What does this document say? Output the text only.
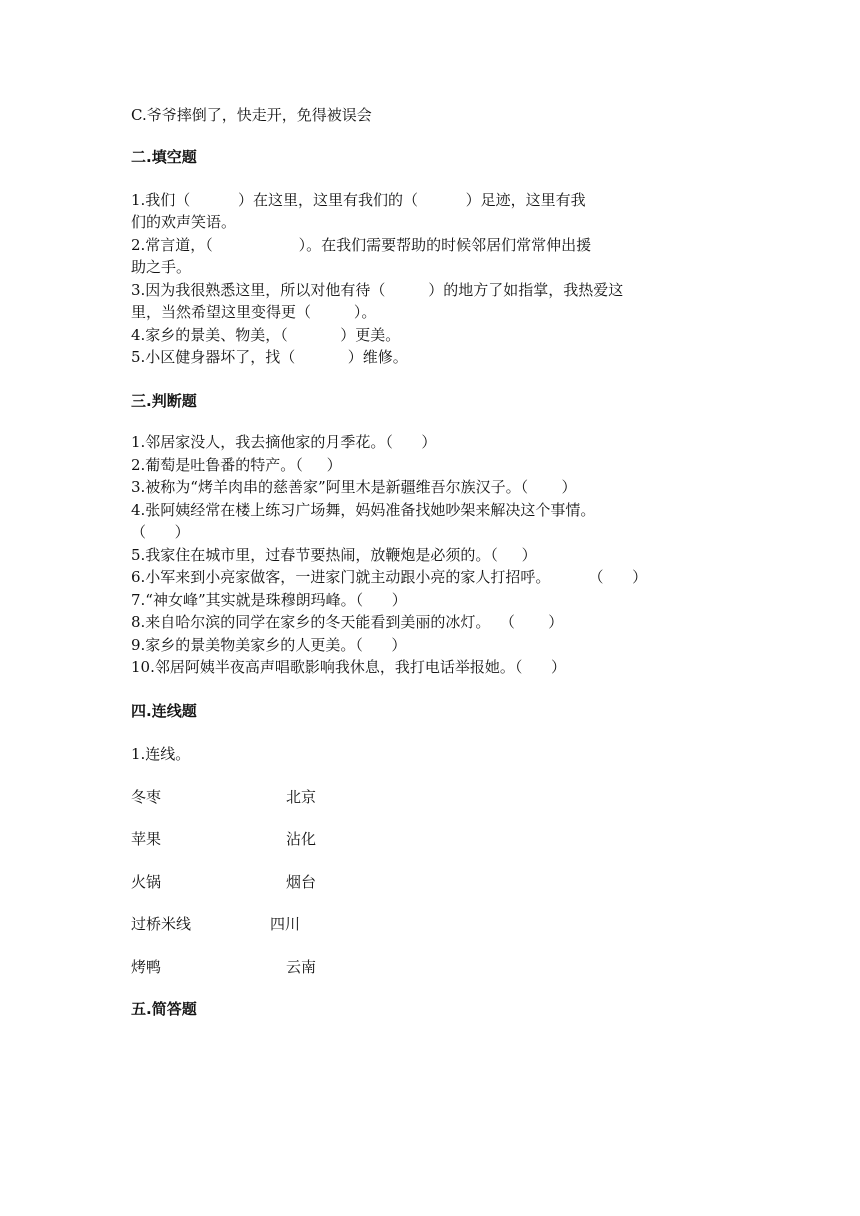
C.爷爷摔倒了，快走开，免得被误会
二.填空题
1.我们（          ）在这里，这里有我们的（          ）足迹，这里有我
们的欢声笑语。
2.常言道，（                  ）。在我们需要帮助的时候邻居们常常伸出援
助之手。
3.因为我很熟悉这里，所以对他有待（         ）的地方了如指掌，我热爱这
里，当然希望这里变得更（         ）。
4.家乡的景美、物美，（           ）更美。
5.小区健身器坏了，找（           ）维修。
三.判断题
1.邻居家没人，我去摘他家的月季花。（      ）
2.葡萄是吐鲁番的特产。（     ）
3.被称为“烤羊肉串的慈善家”阿里木是新疆维吾尔族汉子。（       ）
4.张阿姨经常在楼上练习广场舞，妈妈准备找她吵架来解决这个事情。
（      ）
5.我家住在城市里，过春节要热闹，放鞭炮是必须的。（     ）
6.小军来到小亮家做客，一进家门就主动跟小亮的家人打招呼。        （      ）
7.“神女峰”其实就是珠穆朗玛峰。（      ）
8.来自哈尔滨的同学在家乡的冬天能看到美丽的冰灯。  （       ）
9.家乡的景美物美家乡的人更美。（      ）
10.邻居阿姨半夜高声唱歌影响我休息，我打电话举报她。（      ）
四.连线题
1.连线。
冬枣	北京
苹果	沾化
火锅	烟台
过桥米线	四川
烤鸭	云南
五.简答题
